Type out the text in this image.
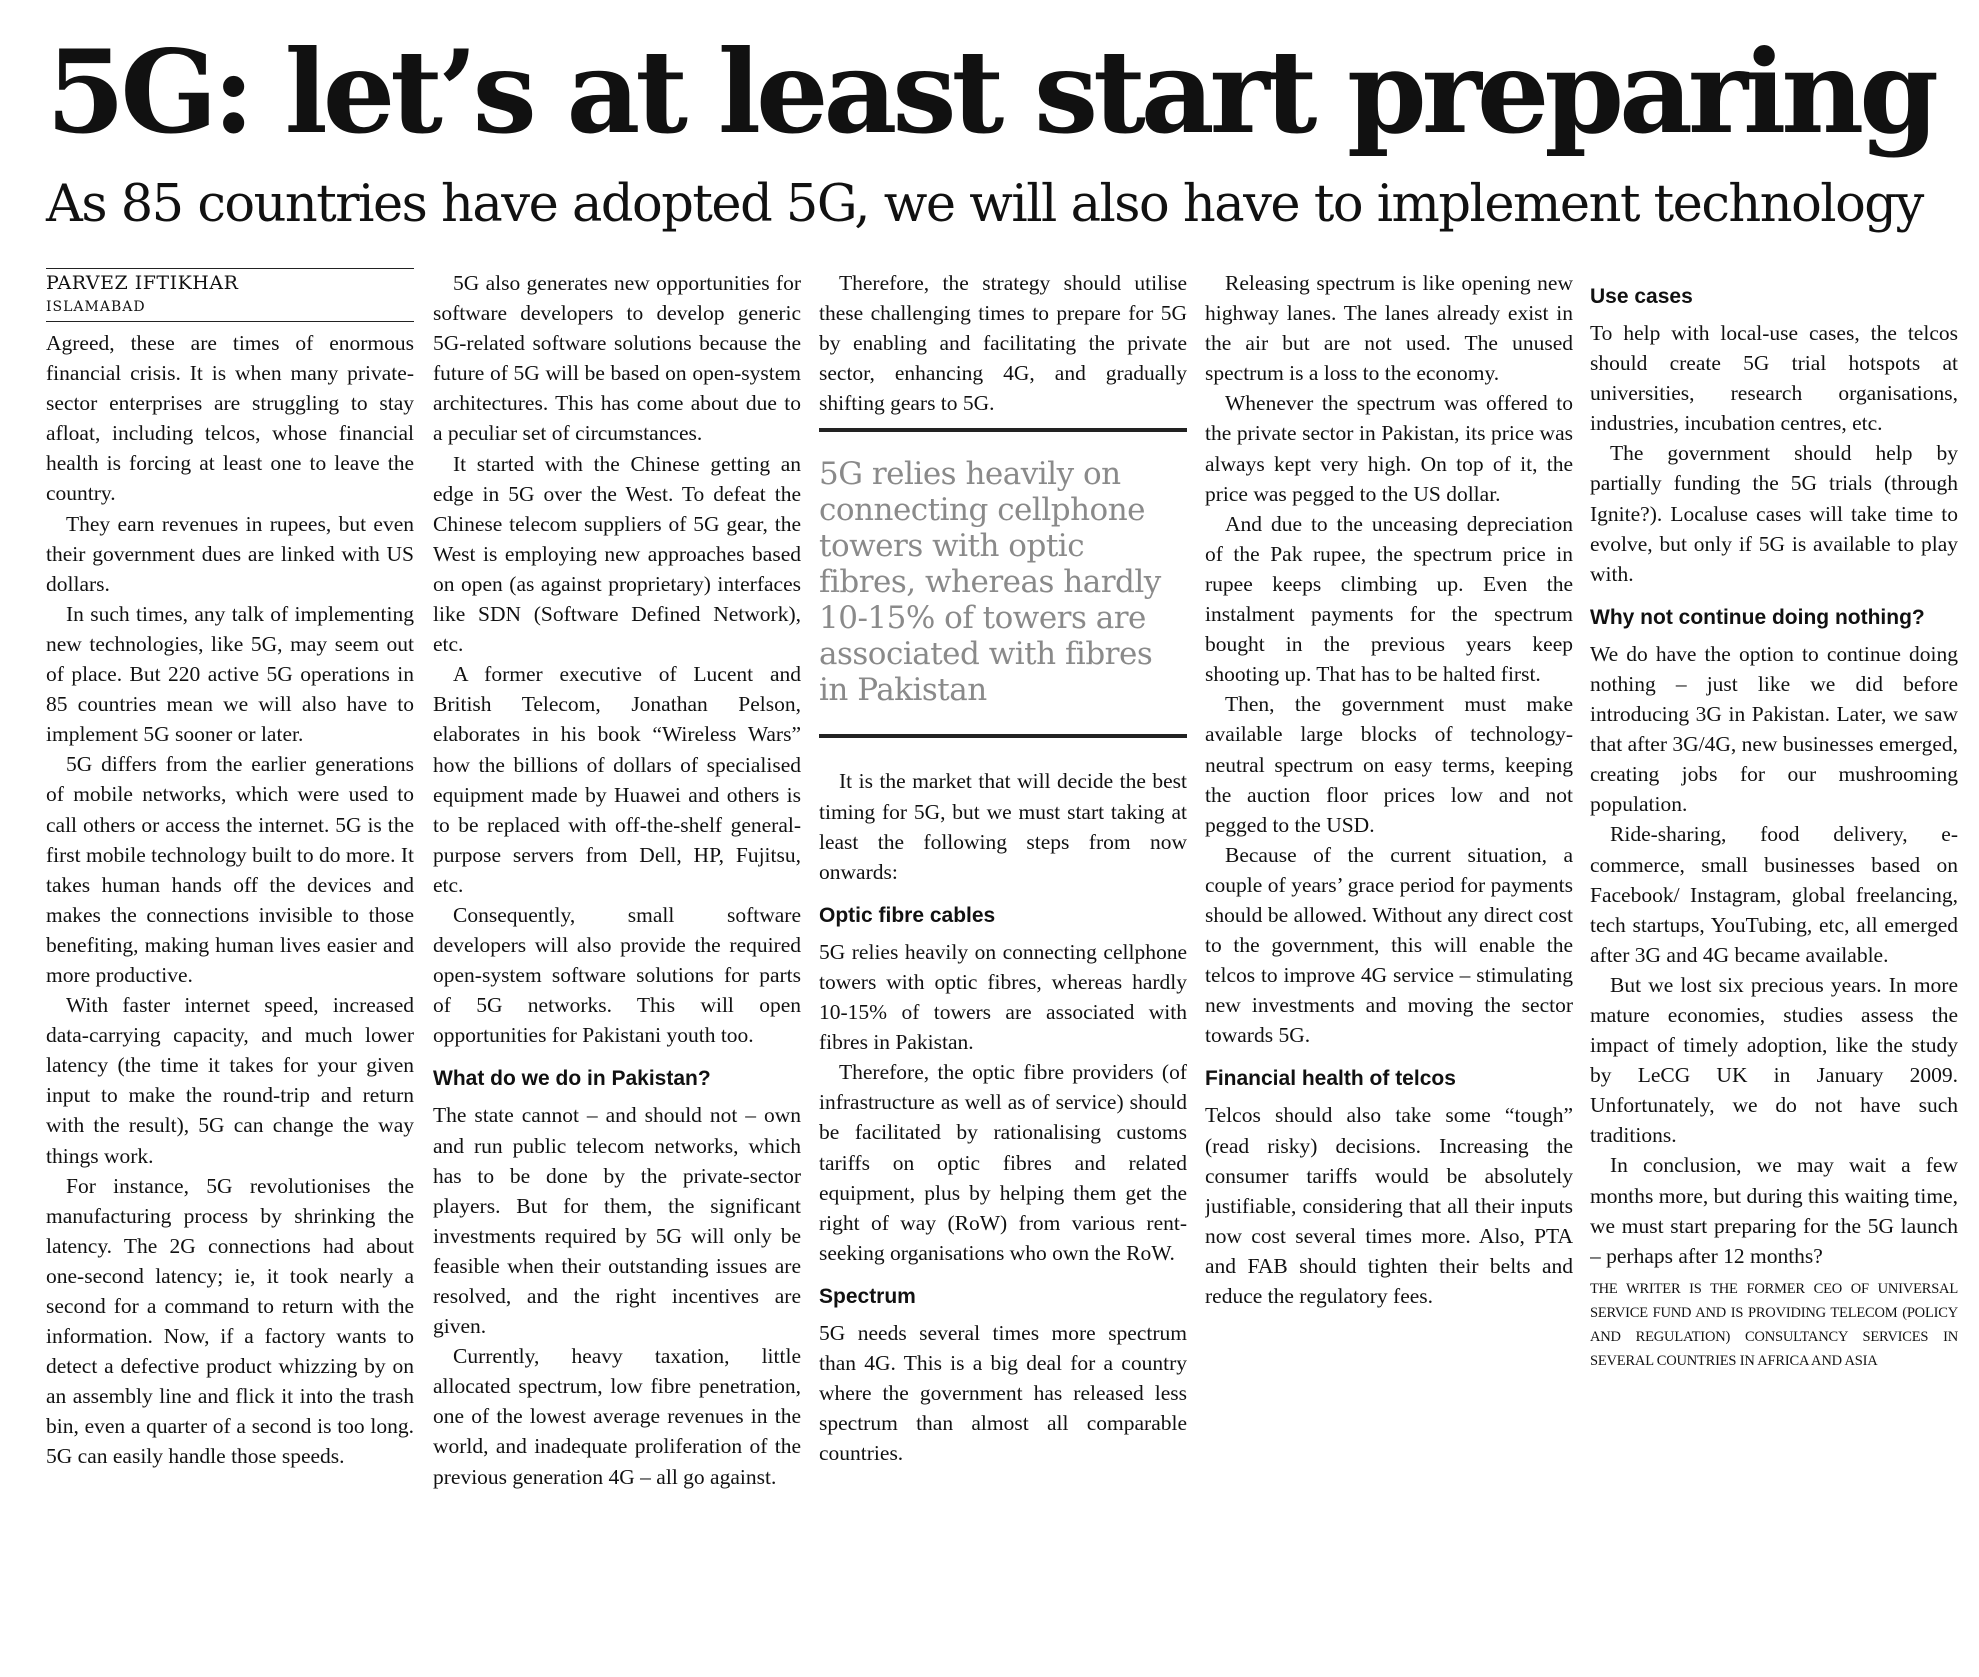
5G: let’s at least start preparing
As 85 countries have adopted 5G, we will also have to implement technology
PARVEZ IFTIKHAR
ISLAMABAD

Agreed, these are times of enormous financial crisis. It is when many private-sector enterprises are struggling to stay afloat, including telcos, whose financial health is forcing at least one to leave the country.

They earn revenues in rupees, but even their government dues are linked with US dollars.

In such times, any talk of implementing new technologies, like 5G, may seem out of place. But 220 active 5G operations in 85 countries mean we will also have to implement 5G sooner or later.

5G differs from the earlier generations of mobile networks, which were used to call others or access the internet. 5G is the first mobile technology built to do more. It takes human hands off the devices and makes the connections invisible to those benefiting, making human lives easier and more productive.

With faster internet speed, increased data-carrying capacity, and much lower latency (the time it takes for your given input to make the round-trip and return with the result), 5G can change the way things work.

For instance, 5G revolutionises the manufacturing process by shrinking the latency. The 2G connections had about one-second latency; ie, it took nearly a second for a command to return with the information. Now, if a factory wants to detect a defective product whizzing by on an assembly line and flick it into the trash bin, even a quarter of a second is too long. 5G can easily handle those speeds.

5G also generates new opportunities for software developers to develop generic 5G-related software solutions because the future of 5G will be based on open-system architectures. This has come about due to a peculiar set of circumstances.

It started with the Chinese getting an edge in 5G over the West. To defeat the Chinese telecom suppliers of 5G gear, the West is employing new approaches based on open (as against proprietary) interfaces like SDN (Software Defined Network), etc.

A former executive of Lucent and British Telecom, Jonathan Pelson, elaborates in his book “Wireless Wars” how the billions of dollars of specialised equipment made by Huawei and others is to be replaced with off-the-shelf general-purpose servers from Dell, HP, Fujitsu, etc.

Consequently, small software developers will also provide the required open-system software solutions for parts of 5G networks. This will open opportunities for Pakistani youth too.

What do we do in Pakistan?

The state cannot – and should not – own and run public telecom networks, which has to be done by the private-sector players. But for them, the significant investments required by 5G will only be feasible when their outstanding issues are resolved, and the right incentives are given.

Currently, heavy taxation, little allocated spectrum, low fibre penetration, one of the lowest average revenues in the world, and inadequate proliferation of the previous generation 4G – all go against.

Therefore, the strategy should utilise these challenging times to prepare for 5G by enabling and facilitating the private sector, enhancing 4G, and gradually shifting gears to 5G.

5G relies heavily on connecting cellphone towers with optic fibres, whereas hardly 10-15% of towers are associated with fibres in Pakistan

It is the market that will decide the best timing for 5G, but we must start taking at least the following steps from now onwards:

Optic fibre cables

5G relies heavily on connecting cellphone towers with optic fibres, whereas hardly 10-15% of towers are associated with fibres in Pakistan.

Therefore, the optic fibre providers (of infrastructure as well as of service) should be facilitated by rationalising customs tariffs on optic fibres and related equipment, plus by helping them get the right of way (RoW) from various rent-seeking organisations who own the RoW.

Spectrum

5G needs several times more spectrum than 4G. This is a big deal for a country where the government has released less spectrum than almost all comparable countries.

Releasing spectrum is like opening new highway lanes. The lanes already exist in the air but are not used. The unused spectrum is a loss to the economy.

Whenever the spectrum was offered to the private sector in Pakistan, its price was always kept very high. On top of it, the price was pegged to the US dollar.

And due to the unceasing depreciation of the Pak rupee, the spectrum price in rupee keeps climbing up. Even the instalment payments for the spectrum bought in the previous years keep shooting up. That has to be halted first.

Then, the government must make available large blocks of technology-neutral spectrum on easy terms, keeping the auction floor prices low and not pegged to the USD.

Because of the current situation, a couple of years’ grace period for payments should be allowed. Without any direct cost to the government, this will enable the telcos to improve 4G service – stimulating new investments and moving the sector towards 5G.

Financial health of telcos

Telcos should also take some “tough” (read risky) decisions. Increasing the consumer tariffs would be absolutely justifiable, considering that all their inputs now cost several times more. Also, PTA and FAB should tighten their belts and reduce the regulatory fees.

Use cases

To help with local-use cases, the telcos should create 5G trial hotspots at universities, research organisations, industries, incubation centres, etc.

The government should help by partially funding the 5G trials (through Ignite?). Localuse cases will take time to evolve, but only if 5G is available to play with.

Why not continue doing nothing?

We do have the option to continue doing nothing – just like we did before introducing 3G in Pakistan. Later, we saw that after 3G/4G, new businesses emerged, creating jobs for our mushrooming population.

Ride-sharing, food delivery, e-commerce, small businesses based on Facebook/ Instagram, global freelancing, tech startups, YouTubing, etc, all emerged after 3G and 4G became available.

But we lost six precious years. In more mature economies, studies assess the impact of timely adoption, like the study by LeCG UK in January 2009. Unfortunately, we do not have such traditions.

In conclusion, we may wait a few months more, but during this waiting time, we must start preparing for the 5G launch – perhaps after 12 months?

THE WRITER IS THE FORMER CEO OF UNIVERSAL SERVICE FUND AND IS PROVIDING TELECOM (POLICY AND REGULATION) CONSULTANCY SERVICES IN SEVERAL COUNTRIES IN AFRICA AND ASIA
